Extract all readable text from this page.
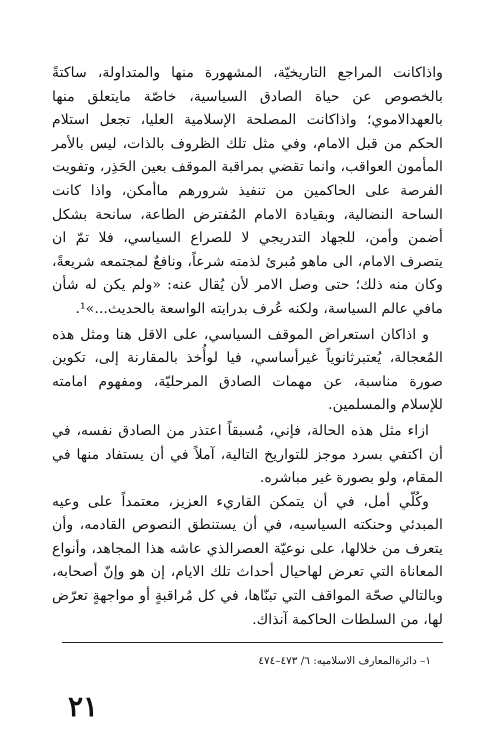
واذاكانت المراجع التاريخيّة، المشهورة منها والمتداولة، ساكتةً بالخصوص عن حياة الصادق السياسية، خاصّة مايتعلق منها بالعهدالاموي؛ واذاكانت المصلحة الإسلامية العليا، تجعل استلام الحكم من قبل الامام، وفي مثل تلك الظروف بالذات، ليس بالأمر المأمون العواقب، وانما تقضي بمراقبة الموقف بعين الحَذِر، وتفويت الفرصة على الحاكمين من تنفيذ شرورهم ماأمكن، واذا كانت الساحة النضالية، وبقيادة الامام المُفترض الطاعة، سانحة بشكل أضمن وأمن، للجهاد التدريجي لا للصراع السياسي، فلا تمّ ان يتصرف الامام، الى ماهو مُبرئ لذمته شرعاً، ونافعٌ لمجتمعه شريعةً، وكان منه ذلك؛ حتى وصل الامر لأن يُقال عنه: «ولم يكن له شأن مافي عالم السياسة، ولكنه عُرف بدرايته الواسعة بالحديث...»¹.

و اذاكان استعراض الموقف السياسي، على الاقل هنا ومثل هذه المُعجالة، يُعتبرثانوياً غيرأساسي، فيا لوأُخذ بالمقارنة إلى، تكوين صورة مناسبة، عن مهمات الصادق المرحليّة، ومفهوم امامته للإسلام والمسلمين.

ازاء مثل هذه الحالة، فإني، مُسبقاً اعتذر من الصادق نفسه، في أن اكتفي بسرد موجز للتواريخ التالية، آملاً في أن يستفاد منها في المقام، ولو بصورة غير مباشره.

وكُلّي أمل، في أن يتمكن القاريء العزيز، معتمداً على وعيه المبدئي وحنكته السياسيه، في أن يستنطق النصوص القادمه، وأن يتعرف من خلالها، على نوعيّة العصرالذي عاشه هذا المجاهد، وأنواع المعاناة التي تعرض لهاحيال أحداث تلك الايام، إن هو وإنّ أصحابه، وبالتالي صحّة المواقف التي تبنّاها، في كل مُراقبةٍ أو مواجهةٍ تعرّض لها، من السلطات الحاكمة آنذاك.

١– دائرةالمعارف الاسلاميه: ٦/ ٤٧٣–٤٧٤
٢١
